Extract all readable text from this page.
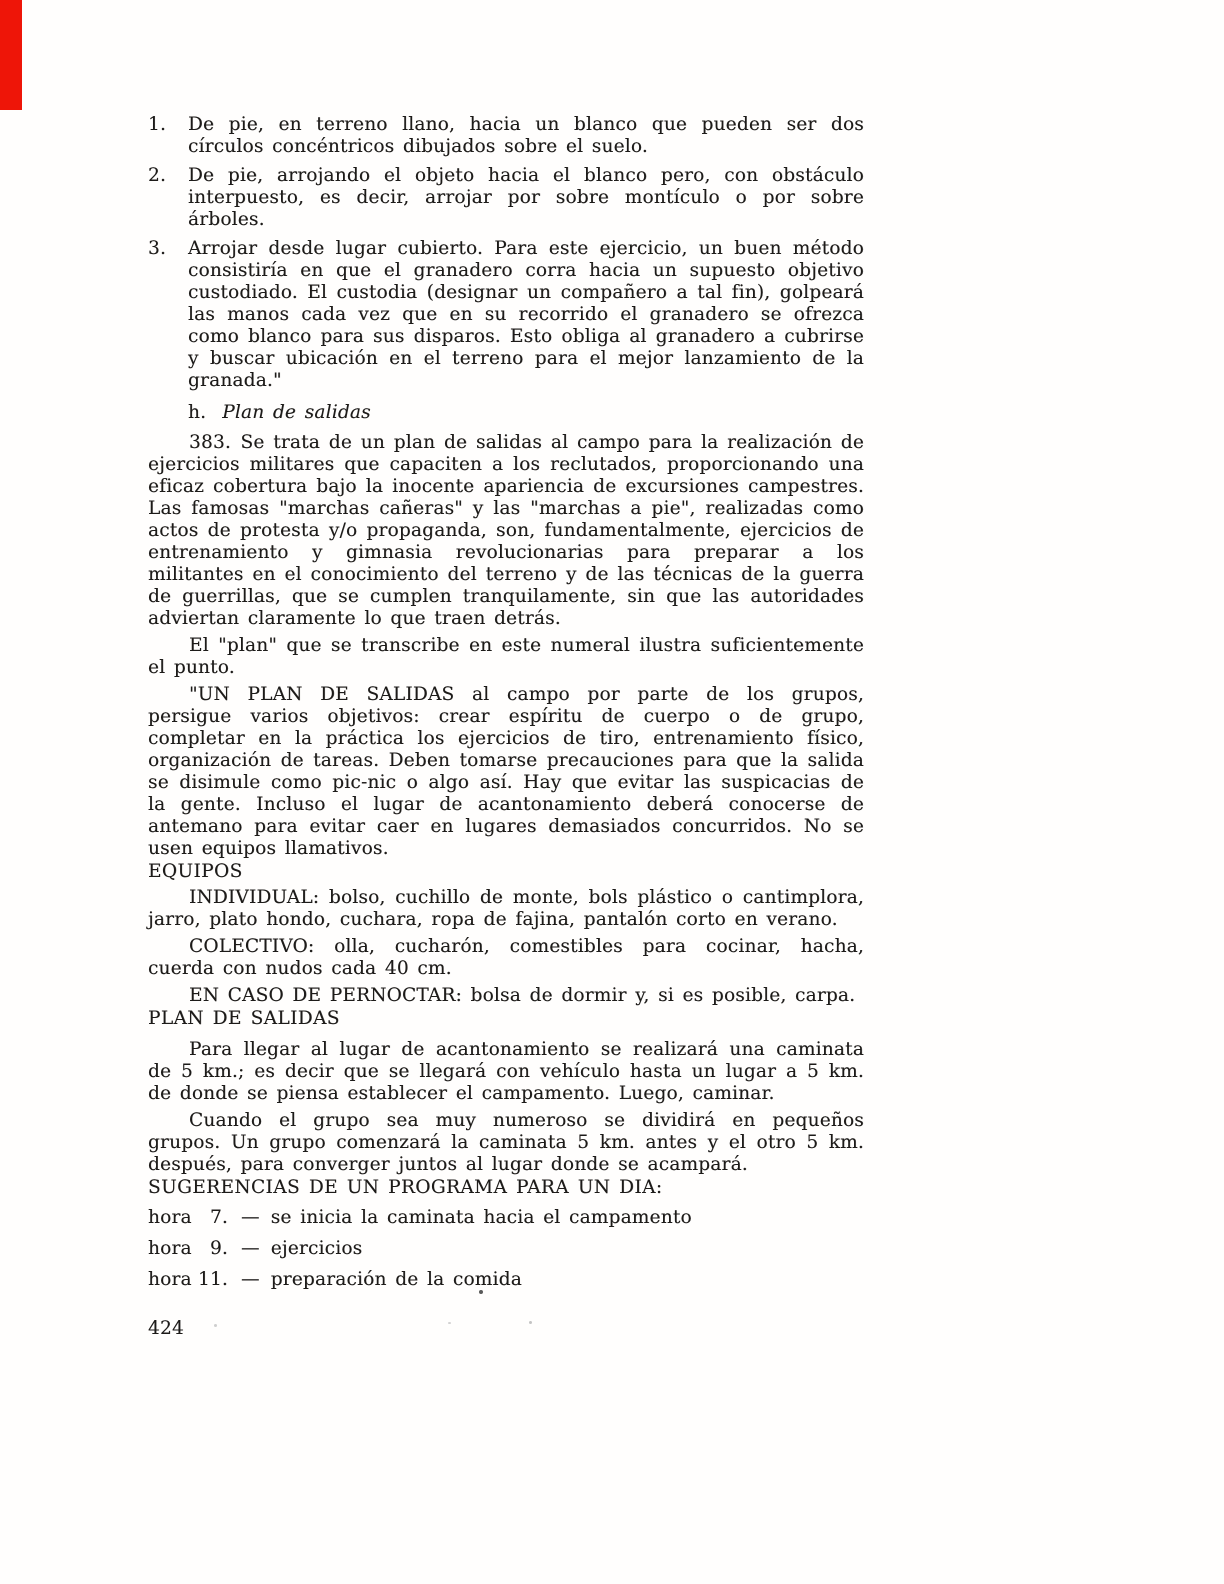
1. De pie, en terreno llano, hacia un blanco que pueden ser dos círculos concéntricos dibujados sobre el suelo.
2. De pie, arrojando el objeto hacia el blanco pero, con obstáculo interpuesto, es decir, arrojar por sobre montículo o por sobre árboles.
3. Arrojar desde lugar cubierto. Para este ejercicio, un buen método consistiría en que el granadero corra hacia un supuesto objetivo custodiado. El custodia (designar un compañero a tal fin), golpeará las manos cada vez que en su recorrido el granadero se ofrezca como blanco para sus disparos. Esto obliga al granadero a cubrirse y buscar ubicación en el terreno para el mejor lanzamiento de la granada."
h. Plan de salidas

383. Se trata de un plan de salidas al campo para la realización de ejercicios militares que capaciten a los reclutados, proporcionando una eficaz cobertura bajo la inocente apariencia de excursiones campestres. Las famosas "marchas cañeras" y las "marchas a pie", realizadas como actos de protesta y/o propaganda, son, fundamentalmente, ejercicios de entrenamiento y gimnasia revolucionarias para preparar a los militantes en el conocimiento del terreno y de las técnicas de la guerra de guerrillas, que se cumplen tranquilamente, sin que las autoridades adviertan claramente lo que traen detrás.

El "plan" que se transcribe en este numeral ilustra suficientemente el punto.

"UN PLAN DE SALIDAS al campo por parte de los grupos, persigue varios objetivos: crear espíritu de cuerpo o de grupo, completar en la práctica los ejercicios de tiro, entrenamiento físico, organización de tareas. Deben tomarse precauciones para que la salida se disimule como pic-nic o algo así. Hay que evitar las suspicacias de la gente. Incluso el lugar de acantonamiento deberá conocerse de antemano para evitar caer en lugares demasiados concurridos. No se usen equipos llamativos.

EQUIPOS

INDIVIDUAL: bolso, cuchillo de monte, bols plástico o cantimplora, jarro, plato hondo, cuchara, ropa de fajina, pantalón corto en verano.

COLECTIVO: olla, cucharón, comestibles para cocinar, hacha, cuerda con nudos cada 40 cm.

EN CASO DE PERNOCTAR: bolsa de dormir y, si es posible, carpa.

PLAN DE SALIDAS

Para llegar al lugar de acantonamiento se realizará una caminata de 5 km.; es decir que se llegará con vehículo hasta un lugar a 5 km. de donde se piensa establecer el campamento. Luego, caminar.

Cuando el grupo sea muy numeroso se dividirá en pequeños grupos. Un grupo comenzará la caminata 5 km. antes y el otro 5 km. después, para converger juntos al lugar donde se acampará.

SUGERENCIAS DE UN PROGRAMA PARA UN DIA:
hora 7. — se inicia la caminata hacia el campamento
hora 9. — ejercicios
hora 11. — preparación de la comida
424
